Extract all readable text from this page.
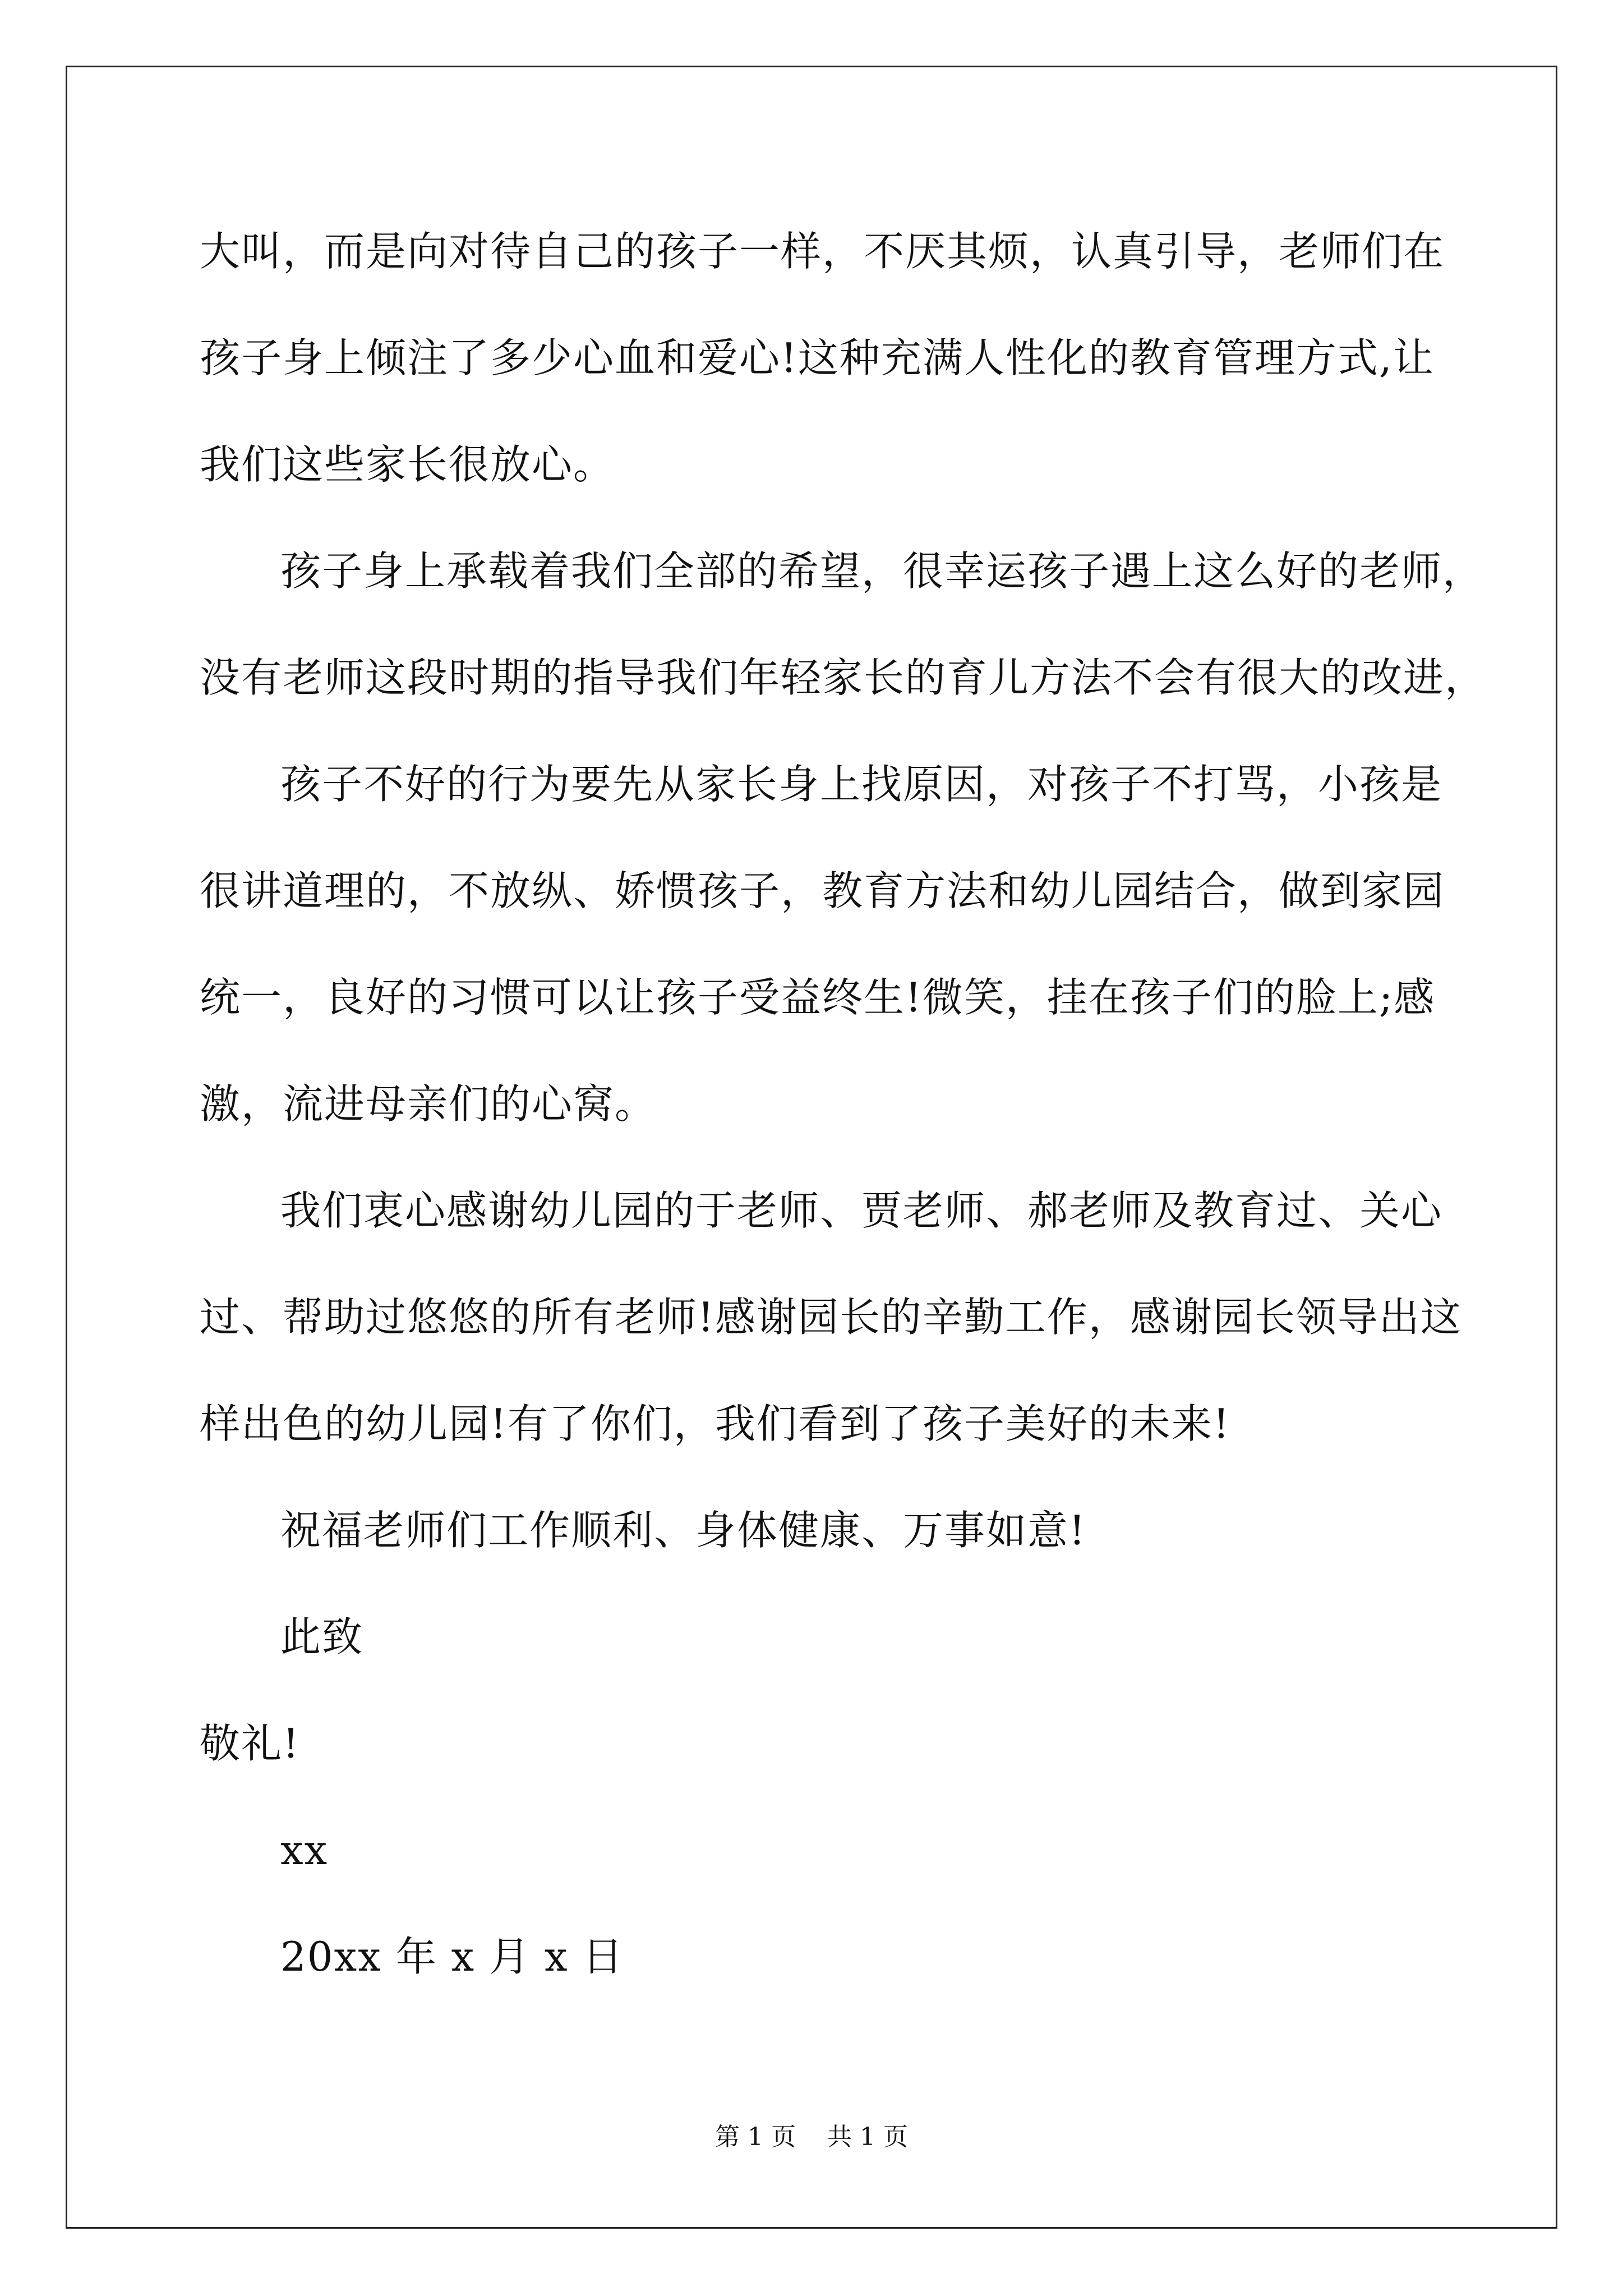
大叫，而是向对待自己的孩子一样，不厌其烦，认真引导，老师们在
孩子身上倾注了多少心血和爱心!这种充满人性化的教育管理方式,让
我们这些家长很放心。
孩子身上承载着我们全部的希望，很幸运孩子遇上这么好的老师，
没有老师这段时期的指导我们年轻家长的育儿方法不会有很大的改进，
孩子不好的行为要先从家长身上找原因，对孩子不打骂，小孩是
很讲道理的，不放纵、娇惯孩子，教育方法和幼儿园结合，做到家园
统一，良好的习惯可以让孩子受益终生!微笑，挂在孩子们的脸上;感
激，流进母亲们的心窝。
我们衷心感谢幼儿园的于老师、贾老师、郝老师及教育过、关心
过、帮助过悠悠的所有老师!感谢园长的辛勤工作，感谢园长领导出这
样出色的幼儿园!有了你们，我们看到了孩子美好的未来!
祝福老师们工作顺利、身体健康、万事如意!
此致
敬礼!
xx
20xx 年 x 月 x 日
第 1 页    共 1 页
